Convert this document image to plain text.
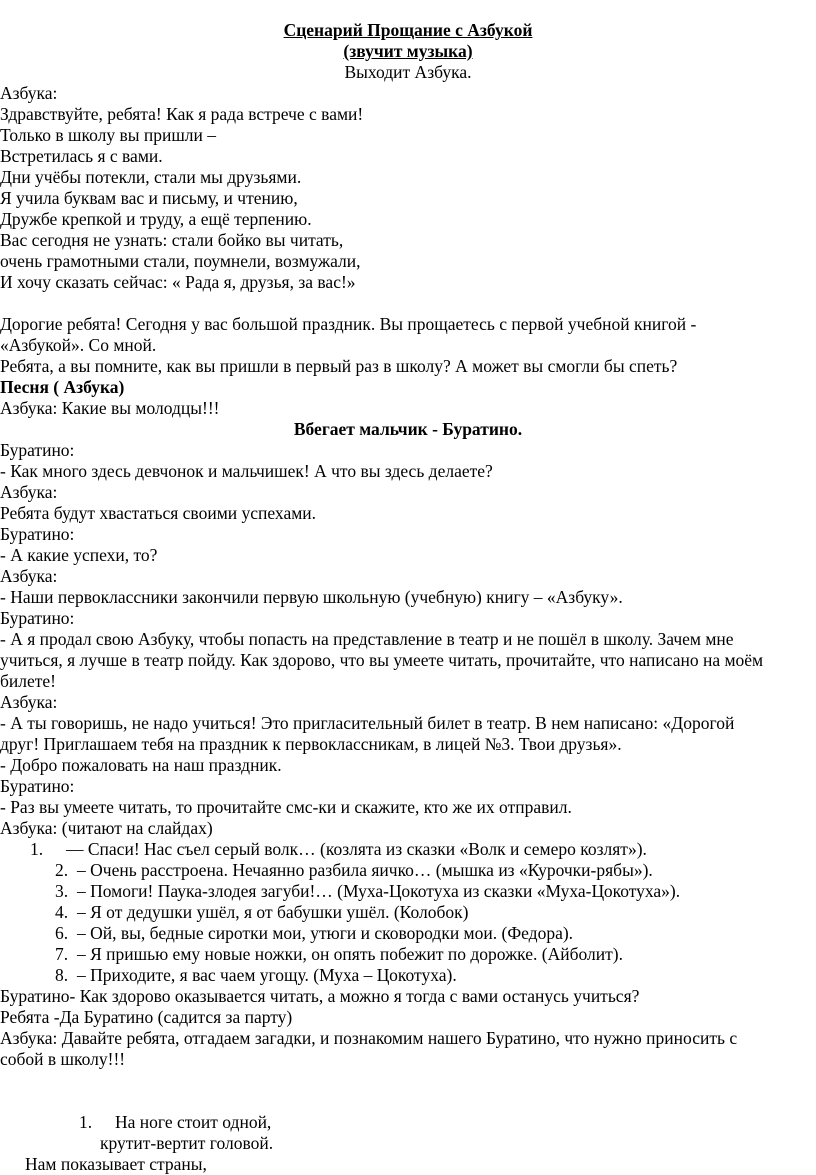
Сценарий Прощание с Азбукой
(звучит музыка)
Выходит Азбука.
Азбука:
Здравствуйте, ребята! Как я рада встрече с вами!
Только в школу вы пришли –
Встретилась я с вами.
Дни учёбы потекли, стали мы друзьями.
Я учила буквам вас и письму, и чтению,
Дружбе крепкой и труду, а ещё терпению.
Вас сегодня не узнать: стали бойко вы читать,
очень грамотными стали, поумнели, возмужали,
И хочу сказать сейчас: « Рада я, друзья, за вас!»
Дорогие ребята! Сегодня у вас большой праздник. Вы прощаетесь с первой учебной книгой -
«Азбукой». Со мной.
Ребята, а вы помните, как вы пришли в первый раз в школу? А может вы смогли бы спеть?
Песня ( Азбука)
Азбука: Какие вы молодцы!!!
Вбегает мальчик - Буратино.
Буратино:
- Как много здесь девчонок и мальчишек! А что вы здесь делаете?
Азбука:
Ребята будут хвастаться своими успехами.
Буратино:
- А какие успехи, то?
Азбука:
- Наши первоклассники закончили первую школьную (учебную) книгу – «Азбуку».
Буратино:
- А я продал свою Азбуку, чтобы попасть на представление в театр и не пошёл в школу. Зачем мне
учиться, я лучше в театр пойду. Как здорово, что вы умеете читать, прочитайте, что написано на моём
билете!
Азбука:
- А ты говоришь, не надо учиться! Это пригласительный билет в театр. В нем написано: «Дорогой
друг! Приглашаем тебя на праздник к первоклассникам, в лицей №3. Твои друзья».
- Добро пожаловать на наш праздник.
Буратино:
- Раз вы умеете читать, то прочитайте смс-ки и скажите, кто же их отправил.
Азбука: (читают на слайдах)
1. — Спаси! Нас съел серый волк… (козлята из сказки «Волк и семеро козлят»).
2. – Очень расстроена. Нечаянно разбила яичко… (мышка из «Курочки-рябы»).
3. – Помоги! Паука-злодея загуби!… (Муха-Цокотуха из сказки «Муха-Цокотуха»).
4. – Я от дедушки ушёл, я от бабушки ушёл. (Колобок)
6. – Ой, вы, бедные сиротки мои, утюги и сковородки мои. (Федора).
7. – Я пришью ему новые ножки, он опять побежит по дорожке. (Айболит).
8. – Приходите, я вас чаем угощу. (Муха – Цокотуха).
Буратино- Как здорово оказывается читать, а можно я тогда с вами останусь учиться?
Ребята -Да Буратино (садится за парту)
Азбука: Давайте ребята, отгадаем загадки, и познакомим нашего Буратино, что нужно приносить с
собой в школу!!!
1. На ноге стоит одной,
крутит-вертит головой.
Нам показывает страны,
